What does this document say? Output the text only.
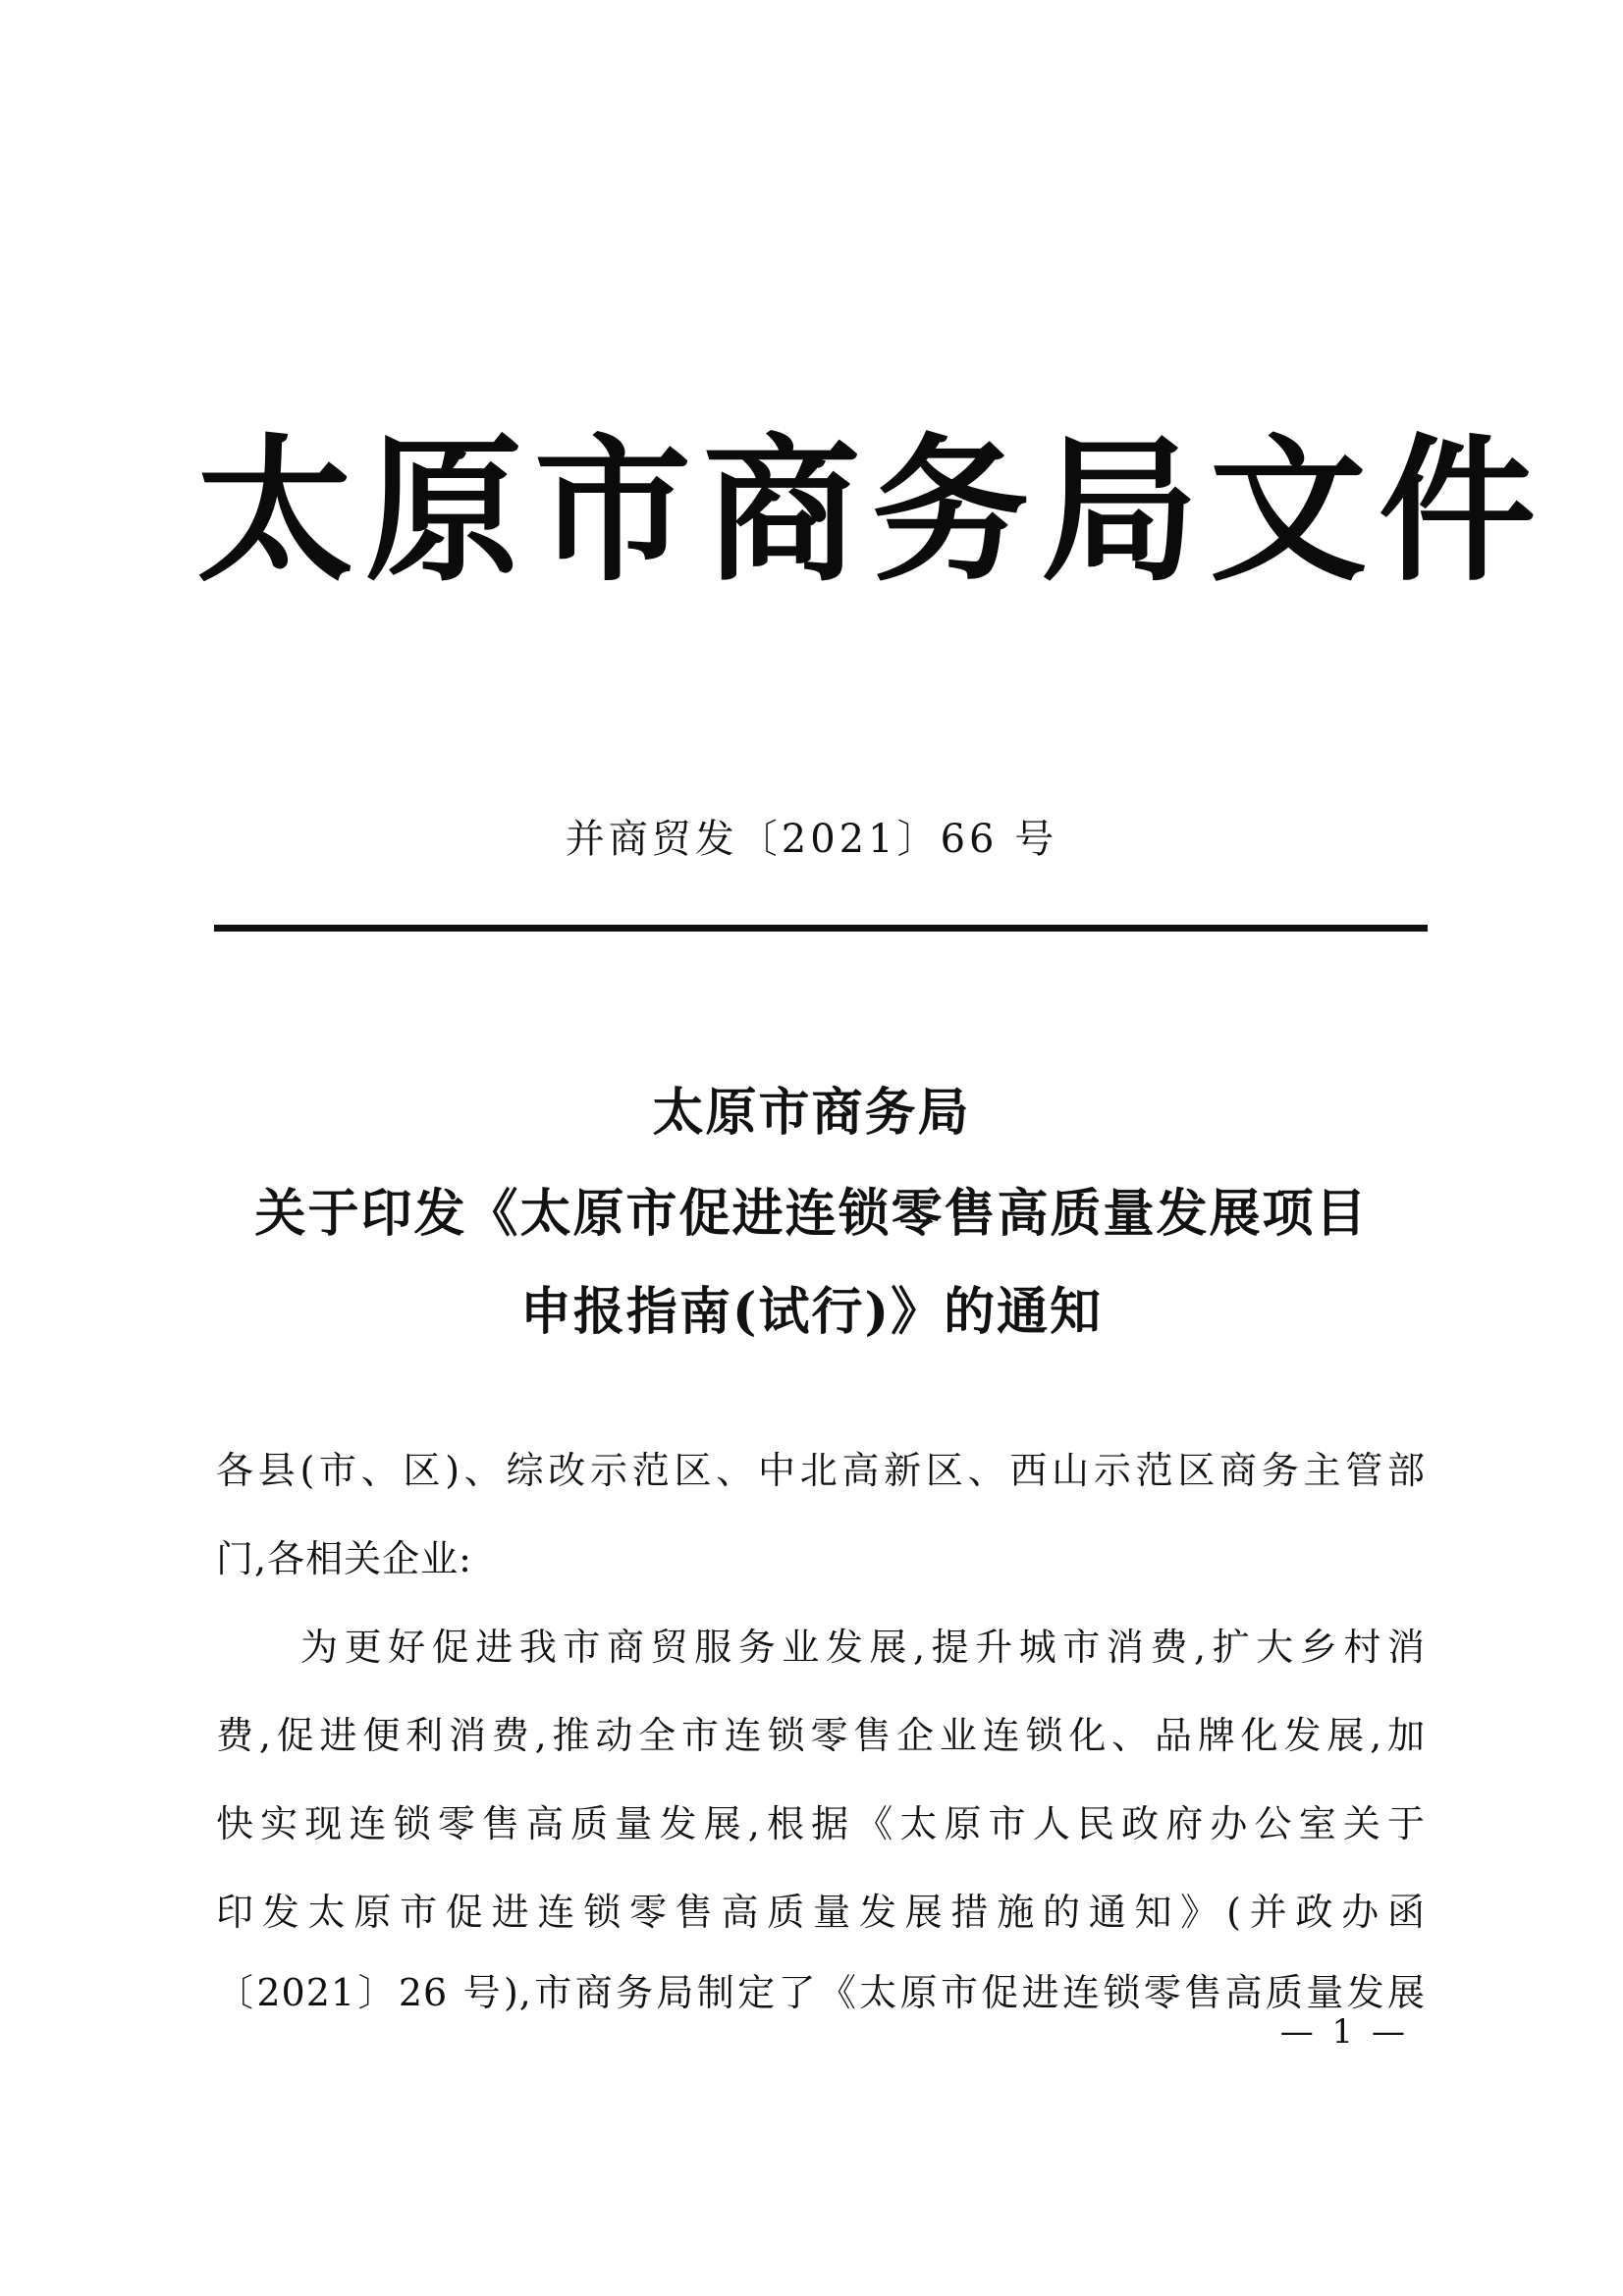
太原市商务局文件
并商贸发〔2021〕66 号
太原市商务局
关于印发《太原市促进连锁零售高质量发展项目
申报指南(试行)》的通知
各县(市、区)、综改示范区、中北高新区、西山示范区商务主管部
门,各相关企业:
为更好促进我市商贸服务业发展,提升城市消费,扩大乡村消
费,促进便利消费,推动全市连锁零售企业连锁化、品牌化发展,加
快实现连锁零售高质量发展,根据《太原市人民政府办公室关于
印发太原市促进连锁零售高质量发展措施的通知》(并政办函
〔2021〕26 号),市商务局制定了《太原市促进连锁零售高质量发展
— 1 —
